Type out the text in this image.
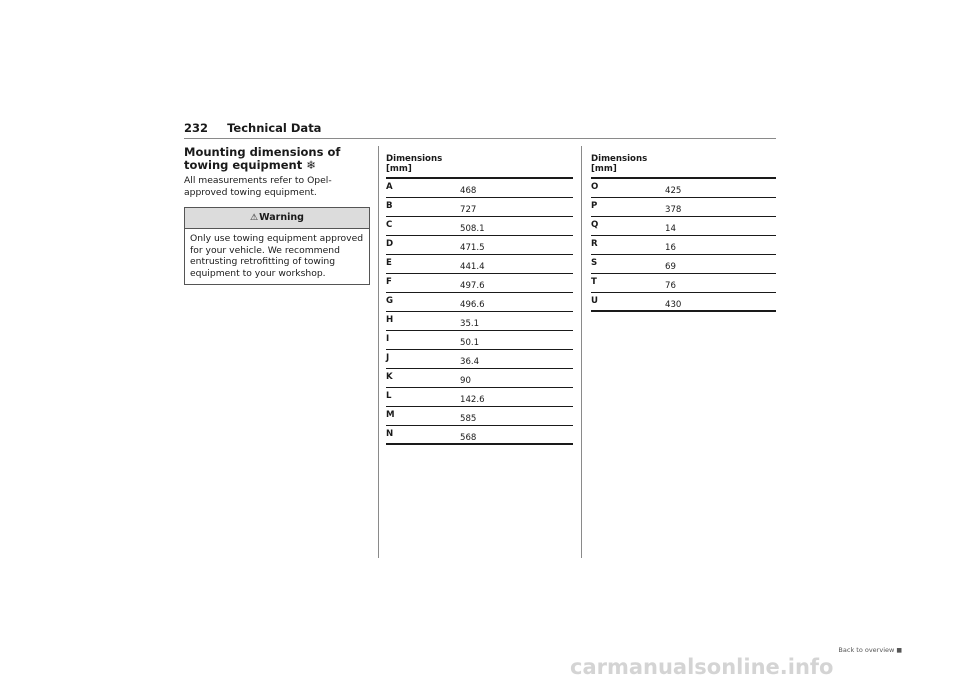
232 Technical Data

Mounting dimensions of towing equipment ❄

All measurements refer to Opel-approved towing equipment.

⚠Warning
Only use towing equipment approved for your vehicle. We recommend entrusting retrofitting of towing equipment to your workshop.
Dimensions
[mm]
A	468
B	727
C	508.1
D	471.5
E	441.4
F	497.6
G	496.6
H	35.1
I	50.1
J	36.4
K	90
L	142.6
M	585
N	568
Dimensions
[mm]
O	425
P	378
Q	14
R	16
S	69
T	76
U	430
Back to overview ■
carmanualsonline.info
